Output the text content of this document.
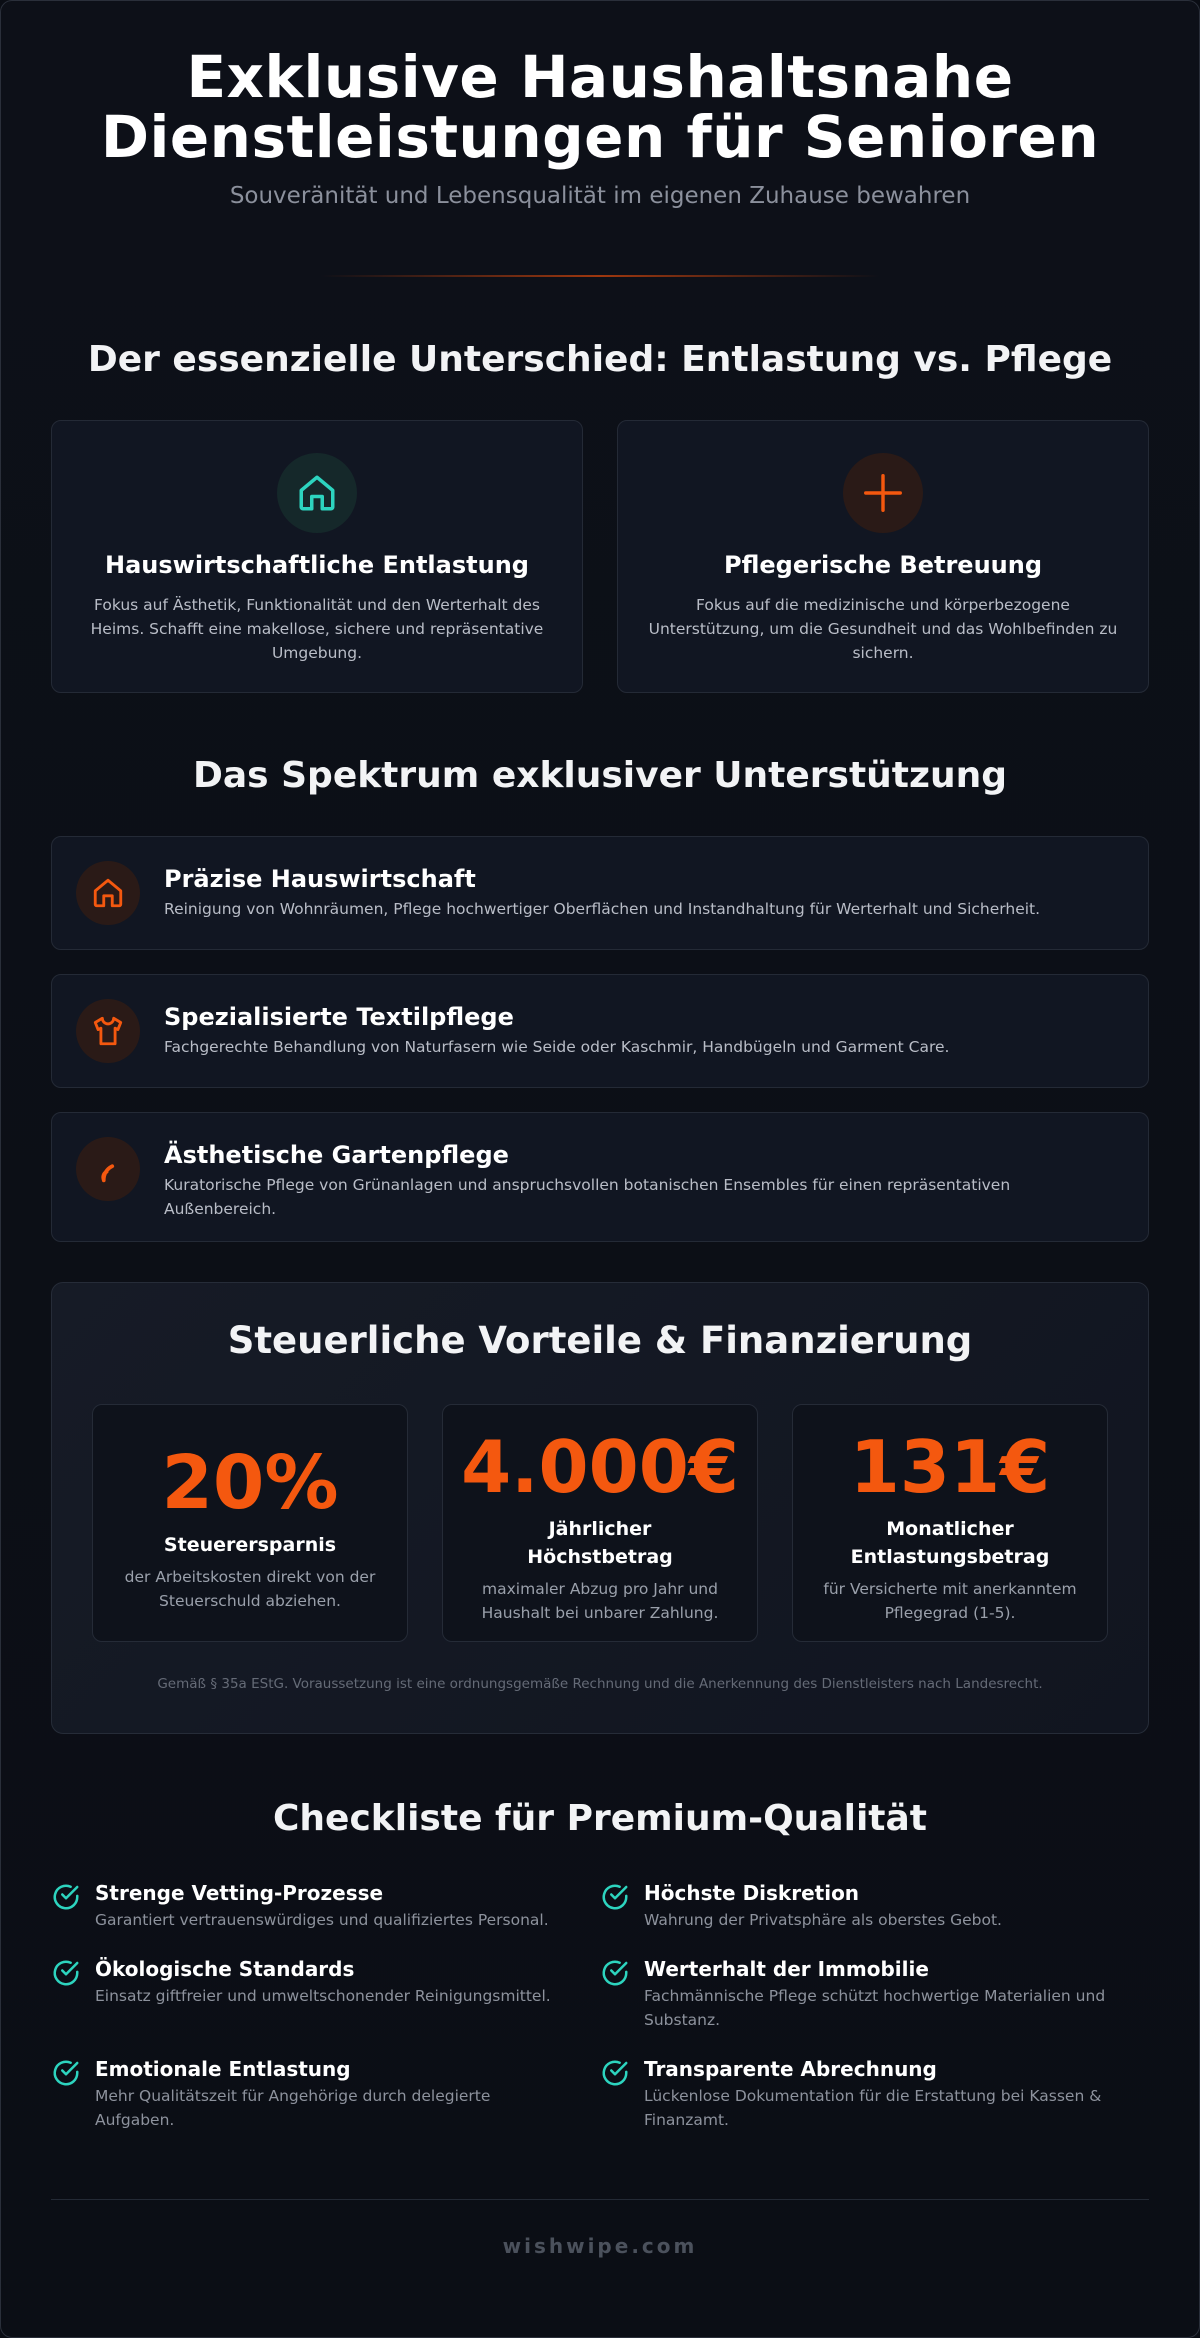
Exklusive Haushaltsnahe
Dienstleistungen für Senioren
Souveränität und Lebensqualität im eigenen Zuhause bewahren
Der essenzielle Unterschied: Entlastung vs. Pflege
Hauswirtschaftliche Entlastung

Fokus auf Ästhetik, Funktionalität und den Werterhalt des Heims. Schafft eine makellose, sichere und repräsentative Umgebung.

Pflegerische Betreuung

Fokus auf die medizinische und körperbezogene Unterstützung, um die Gesundheit und das Wohlbefinden zu sichern.

Das Spektrum exklusiver Unterstützung
Präzise Hauswirtschaft

Reinigung von Wohnräumen, Pflege hochwertiger Oberflächen und Instandhaltung für Werterhalt und Sicherheit.

Spezialisierte Textilpflege

Fachgerechte Behandlung von Naturfasern wie Seide oder Kaschmir, Handbügeln und Garment Care.

Ästhetische Gartenpflege

Kuratorische Pflege von Grünanlagen und anspruchsvollen botanischen Ensembles für einen repräsentativen Außenbereich.

Steuerliche Vorteile & Finanzierung
20%
Steuerersparnis
der Arbeitskosten direkt von der Steuerschuld abziehen.
4.000€
Jährlicher Höchstbetrag
maximaler Abzug pro Jahr und Haushalt bei unbarer Zahlung.
131€
Monatlicher Entlastungsbetrag
für Versicherte mit anerkanntem Pflegegrad (1-5).
Gemäß § 35a EStG. Voraussetzung ist eine ordnungsgemäße Rechnung und die Anerkennung des Dienstleisters nach Landesrecht.
Checkliste für Premium-Qualität
Strenge Vetting-Prozesse

Garantiert vertrauenswürdiges und qualifiziertes Personal.

Höchste Diskretion

Wahrung der Privatsphäre als oberstes Gebot.

Ökologische Standards

Einsatz giftfreier und umweltschonender Reinigungsmittel.

Werterhalt der Immobilie

Fachmännische Pflege schützt hochwertige Materialien und Substanz.

Emotionale Entlastung

Mehr Qualitätszeit für Angehörige durch delegierte Aufgaben.

Transparente Abrechnung

Lückenlose Dokumentation für die Erstattung bei Kassen & Finanzamt.

wishwipe.com
